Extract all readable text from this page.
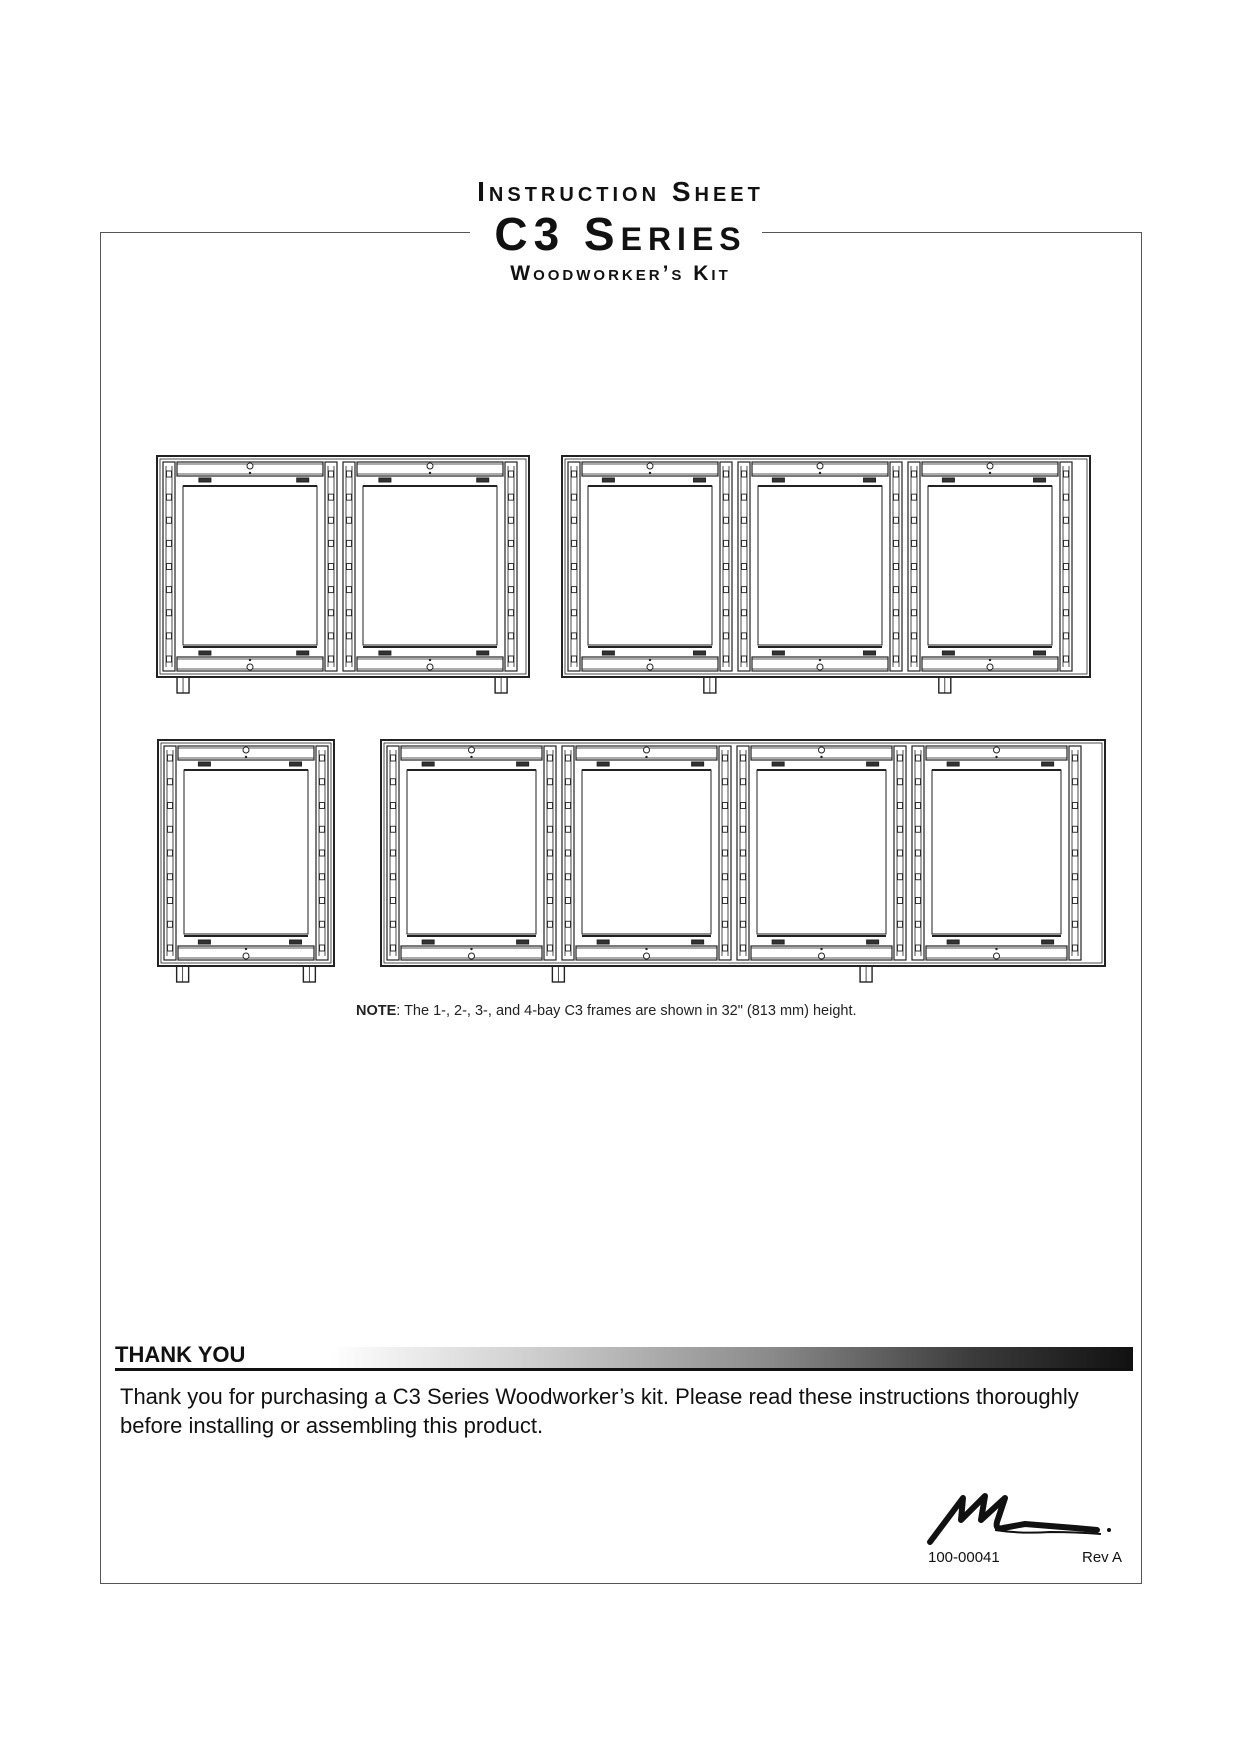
Instruction Sheet
C3 Series
Woodworker’s Kit
NOTE: The 1-, 2-, 3-, and 4-bay C3 frames are shown in 32" (813 mm) height.
THANK YOU
Thank you for purchasing a C3 Series Woodworker’s kit. Please read these instructions thoroughly before installing or assembling this product.
100-00041	Rev A
